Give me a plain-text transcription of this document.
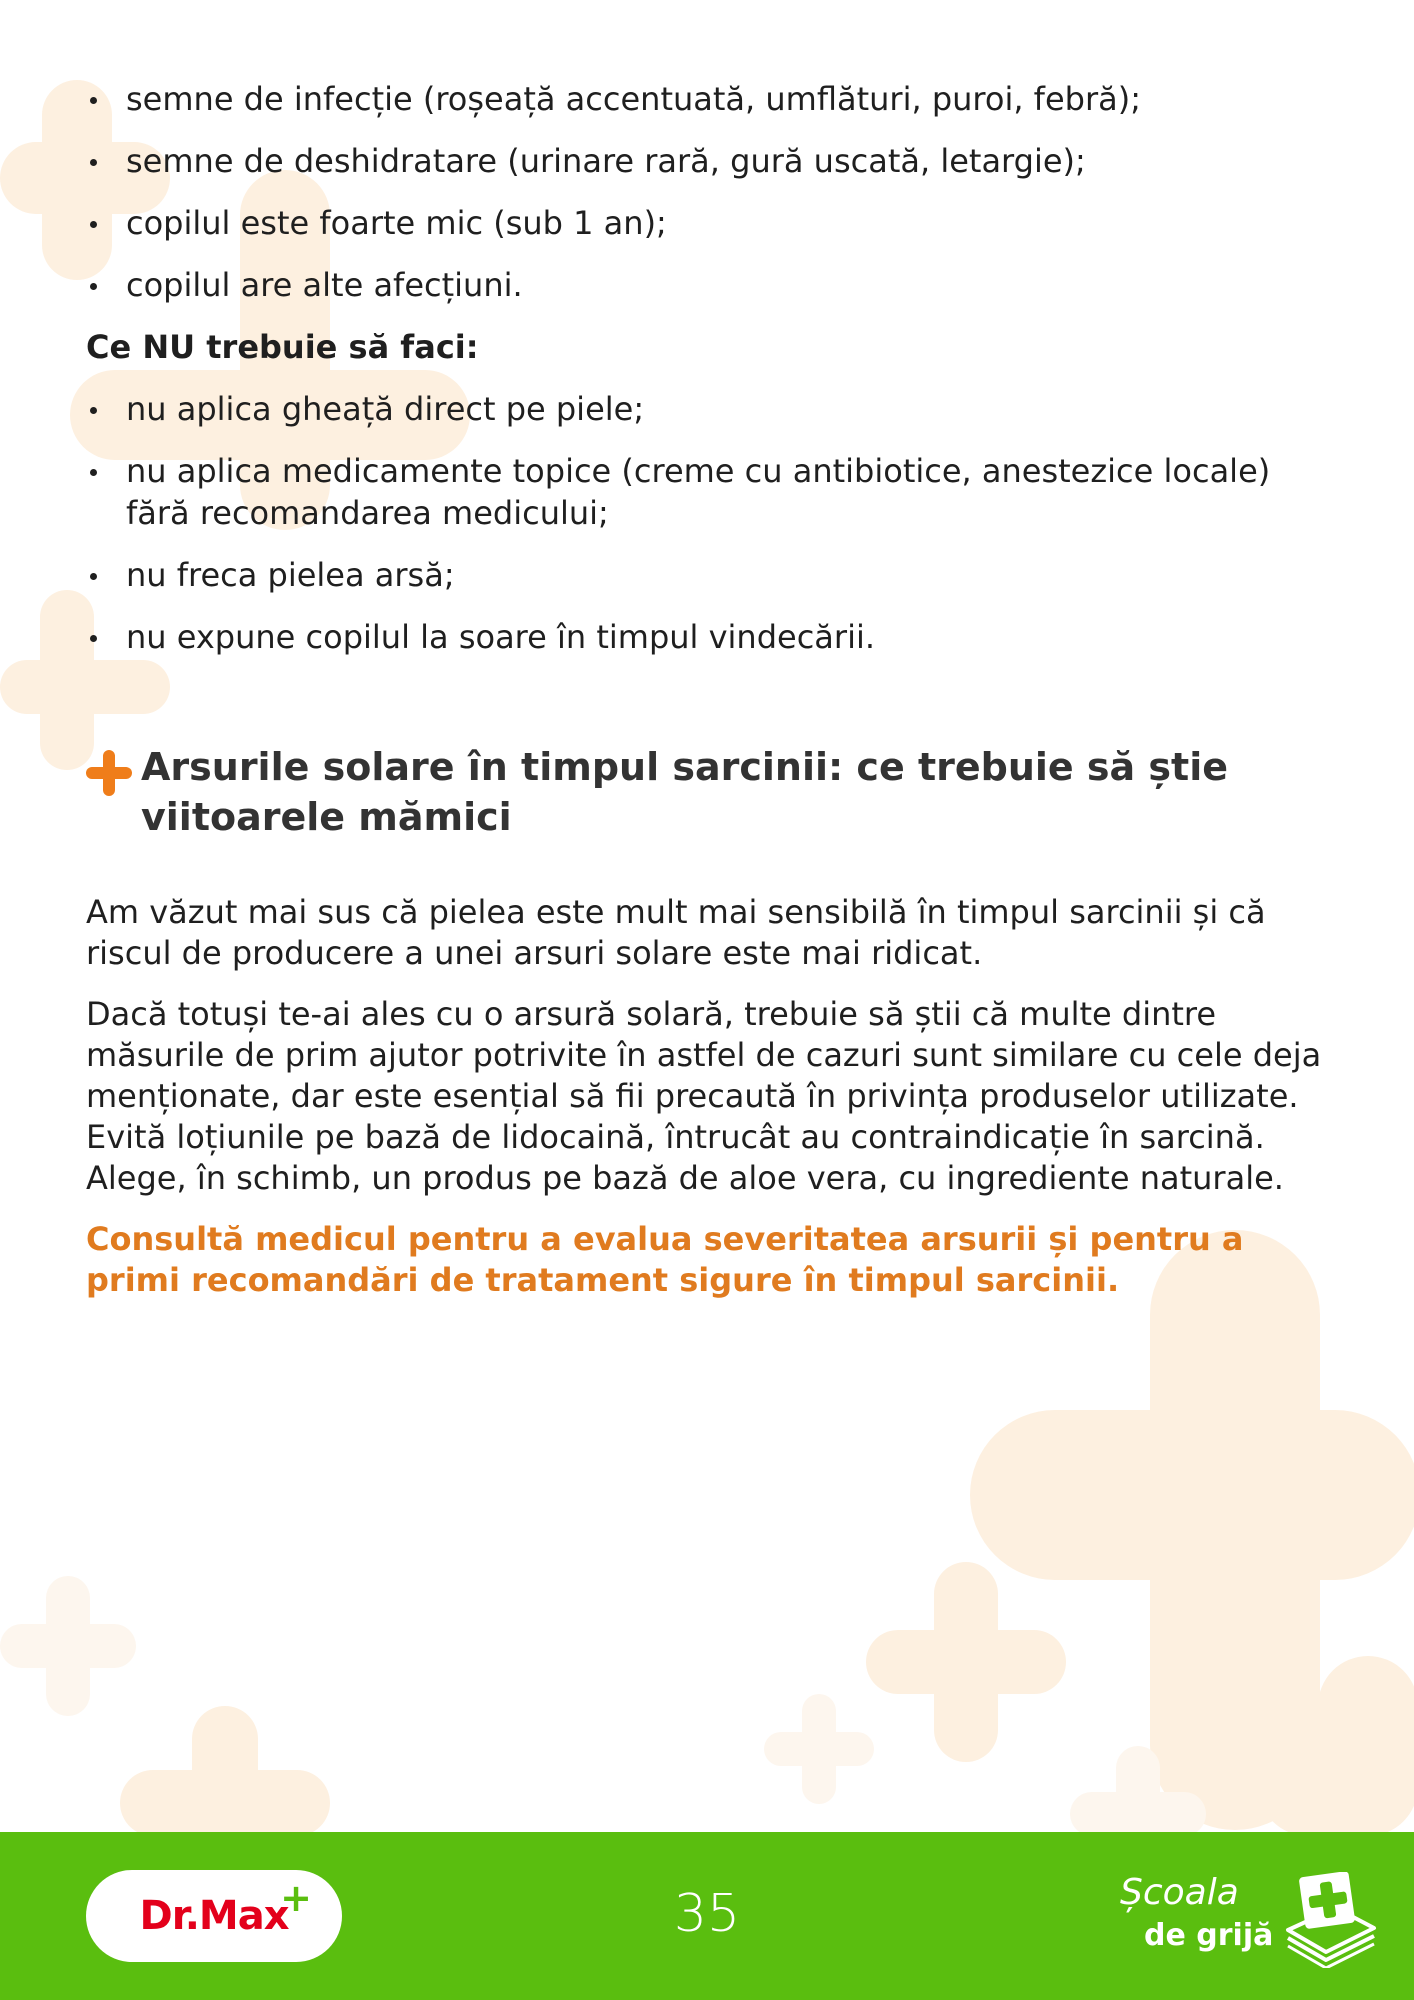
semne de infecție (roșeață accentuată, umflături, puroi, febră);
semne de deshidratare (urinare rară, gură uscată, letargie);
copilul este foarte mic (sub 1 an);
copilul are alte afecțiuni.
Ce NU trebuie să faci:
nu aplica gheață direct pe piele;
nu aplica medicamente topice (creme cu antibiotice, anestezice locale) fără recomandarea medicului;
nu freca pielea arsă;
nu expune copilul la soare în timpul vindecării.
Arsurile solare în timpul sarcinii: ce trebuie să știe
viitoarele mămici

Am văzut mai sus că pielea este mult mai sensibilă în timpul sarcinii și că riscul de producere a unei arsuri solare este mai ridicat.

Dacă totuși te-ai ales cu o arsură solară, trebuie să știi că multe dintre măsurile de prim ajutor potrivite în astfel de cazuri sunt similare cu cele deja menționate, dar este esențial să fii precaută în privința produselor utilizate. Evită loțiunile pe bază de lidocaină, întrucât au contraindicație în sarcină. Alege, în schimb, un produs pe bază de aloe vera, cu ingrediente naturale.

Consultă medicul pentru a evalua severitatea arsurii și pentru a primi recomandări de tratament sigure în timpul sarcinii.

Dr.Max
+	35	Școala
de grijă
